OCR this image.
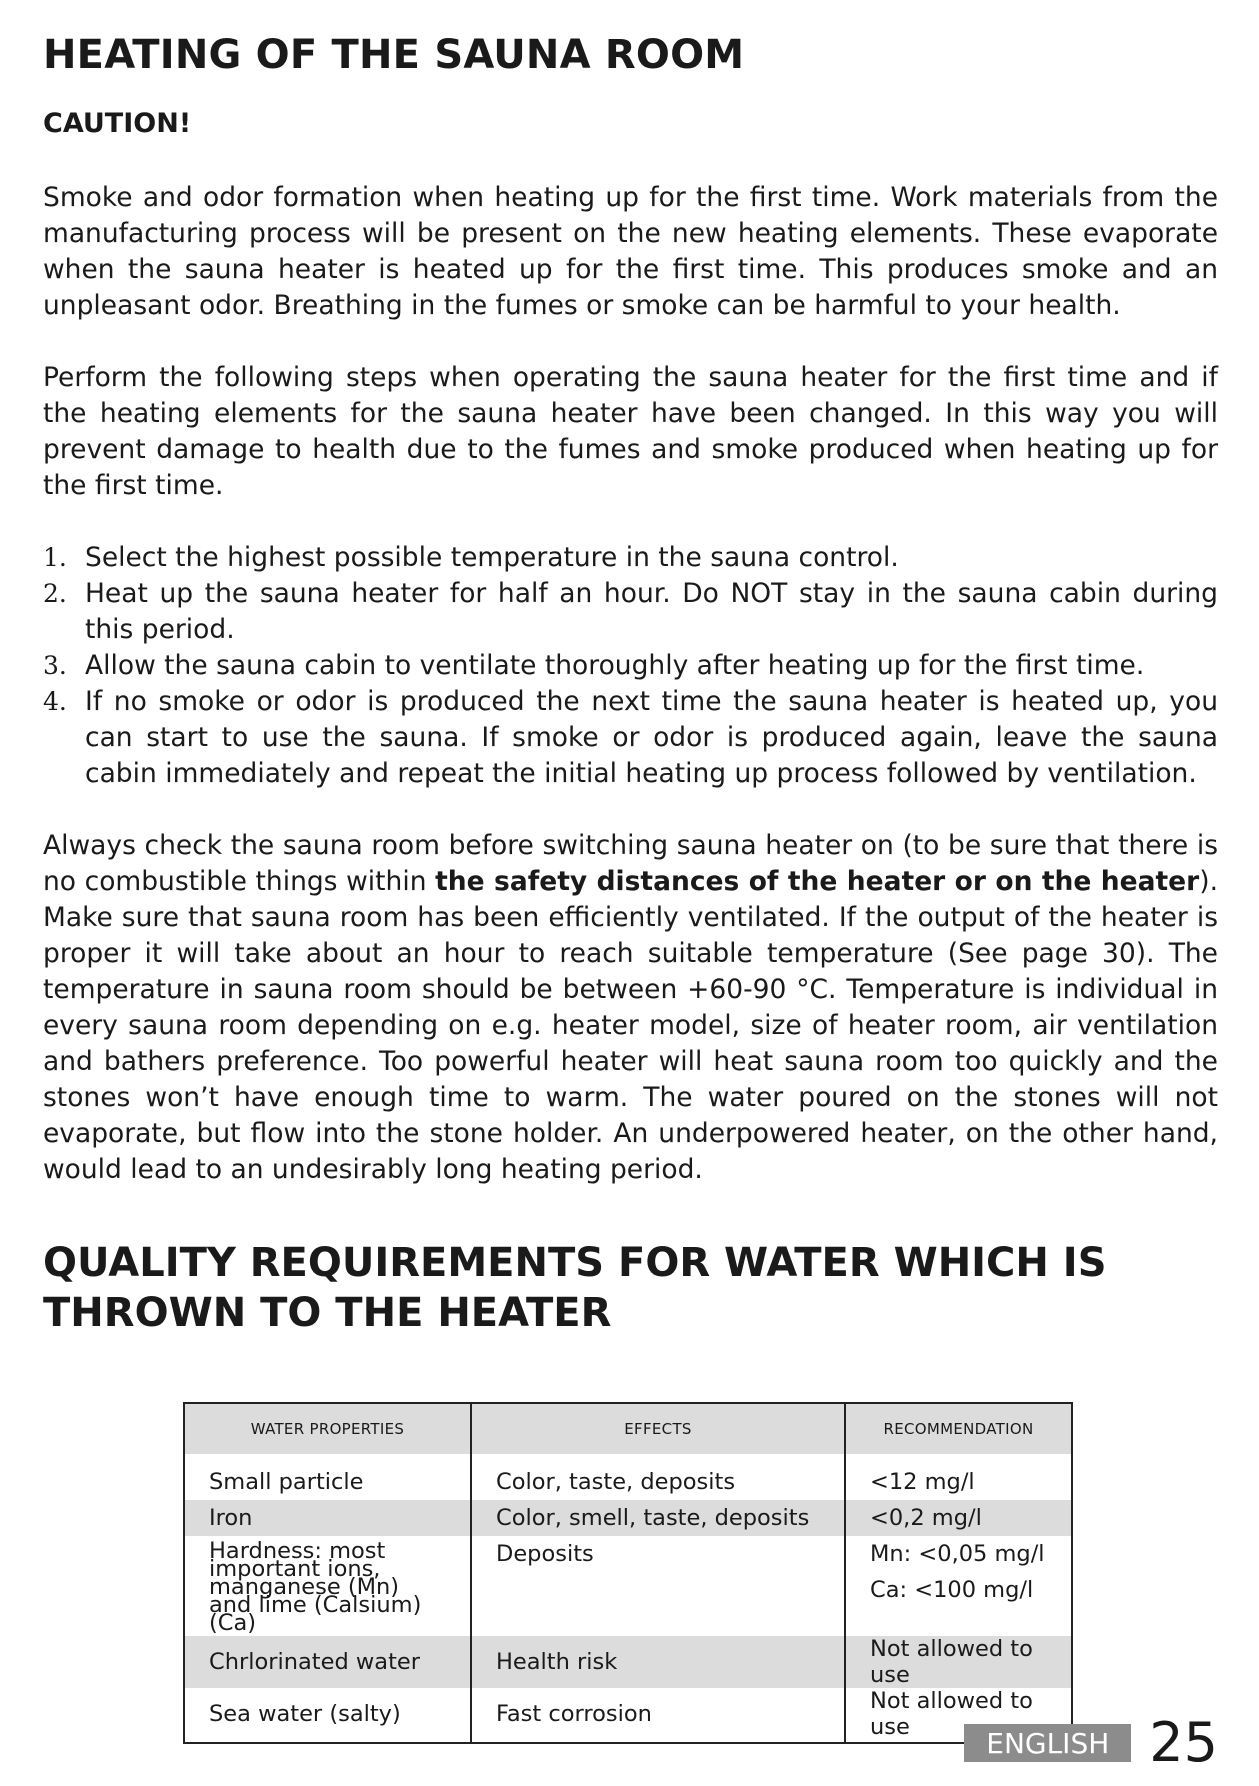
HEATING OF THE SAUNA ROOM
CAUTION!

Smoke and odor formation when heating up for the first time. Work materials from the manufacturing process will be present on the new heating elements. These evaporate when the sauna heater is heated up for the first time. This produces smoke and an unpleasant odor. Breathing in the fumes or smoke can be harmful to your health.

Perform the following steps when operating the sauna heater for the first time and if the heating elements for the sauna heater have been changed. In this way you will prevent damage to health due to the fumes and smoke produced when heating up for the first time.

1. Select the highest possible temperature in the sauna control.
2. Heat up the sauna heater for half an hour. Do NOT stay in the sauna cabin during this period.
3. Allow the sauna cabin to ventilate thoroughly after heating up for the first time.
4. If no smoke or odor is produced the next time the sauna heater is heated up, you can start to use the sauna. If smoke or odor is produced again, leave the sauna cabin immediately and repeat the initial heating up process followed by ventilation.

Always check the sauna room before switching sauna heater on (to be sure that there is no combustible things within the safety distances of the heater or on the heater). Make sure that sauna room has been efficiently ventilated. If the output of the heater is proper it will take about an hour to reach suitable temperature (See page 30). The temperature in sauna room should be between +60-90 °C. Temperature is individual in every sauna room depending on e.g. heater model, size of heater room, air ventilation and bathers preference. Too powerful heater will heat sauna room too quickly and the stones won’t have enough time to warm. The water poured on the stones will not evaporate, but flow into the stone holder. An underpowered heater, on the other hand, would lead to an undesirably long heating period.

QUALITY REQUIREMENTS FOR WATER WHICH IS THROWN TO THE HEATER
WATER PROPERTIES	EFFECTS	RECOMMENDATION
Small particle	Color, taste, deposits	<12 mg/l
Iron	Color, smell, taste, deposits	<0,2 mg/l

Hardness: most important ions, manganese (Mn) and lime (Calsium) (Ca)	Deposits	Mn: <0,05 mg/l
Ca: <100 mg/l

Chrlorinated water	Health risk	Not allowed to use
Sea water (salty)	Fast corrosion	Not allowed to use	ENGLISH 25
